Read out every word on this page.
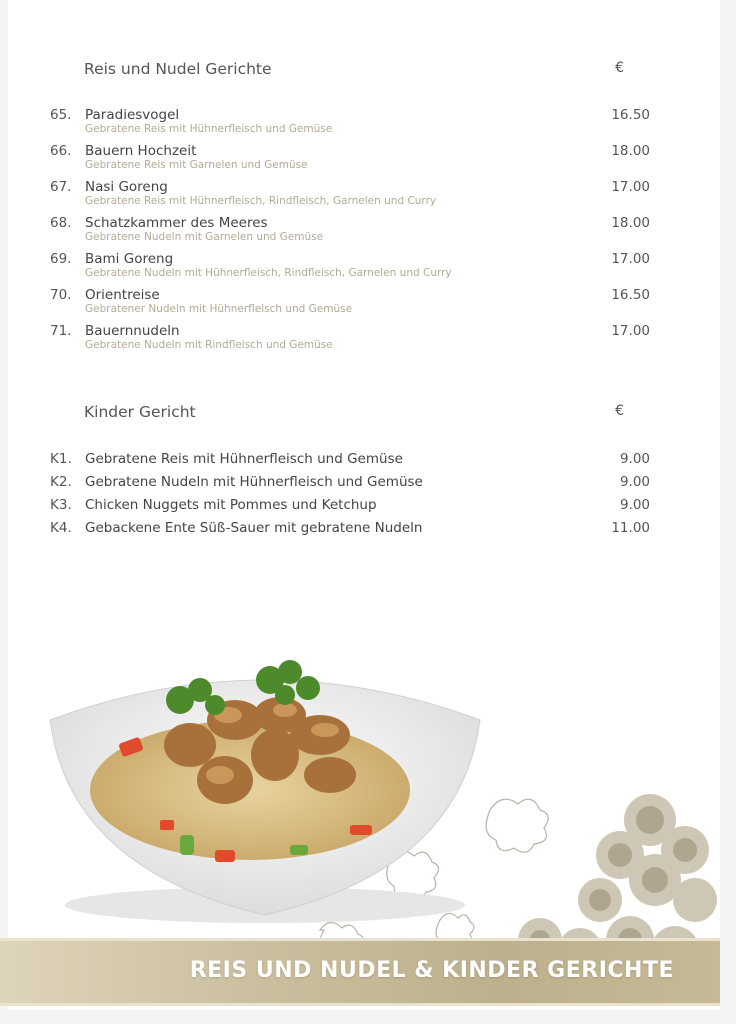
Reis und Nudel Gerichte	€
65.	Paradiesvogel
Gebratene Reis mit Hühnerfleisch und Gemüse
16.50
66.	Bauern Hochzeit
Gebratene Reis mit Garnelen und Gemüse
18.00
67.	Nasi Goreng
Gebratene Reis mit Hühnerfleisch, Rindfleisch, Garnelen und Curry
17.00
68.	Schatzkammer des Meeres
Gebratene Nudeln mit Garnelen und Gemüse
18.00
69.	Bami Goreng
Gebratene Nudeln mit Hühnerfleisch, Rindfleisch, Garnelen und Curry
17.00
70.	Orientreise
Gebratener Nudeln mit Hühnerfleisch und Gemüse
16.50
71.	Bauernnudeln
Gebratene Nudeln mit Rindfleisch und Gemüse
17.00
Kinder Gericht	€
K1. Gebratene Reis mit Hühnerfleisch und Gemüse	9.00
K2. Gebratene Nudeln mit Hühnerfleisch und Gemüse	9.00
K3. Chicken Nuggets mit Pommes und Ketchup	9.00
K4. Gebackene Ente Süß-Sauer mit gebratene Nudeln	11.00
REIS UND NUDEL & KINDER GERICHTE
